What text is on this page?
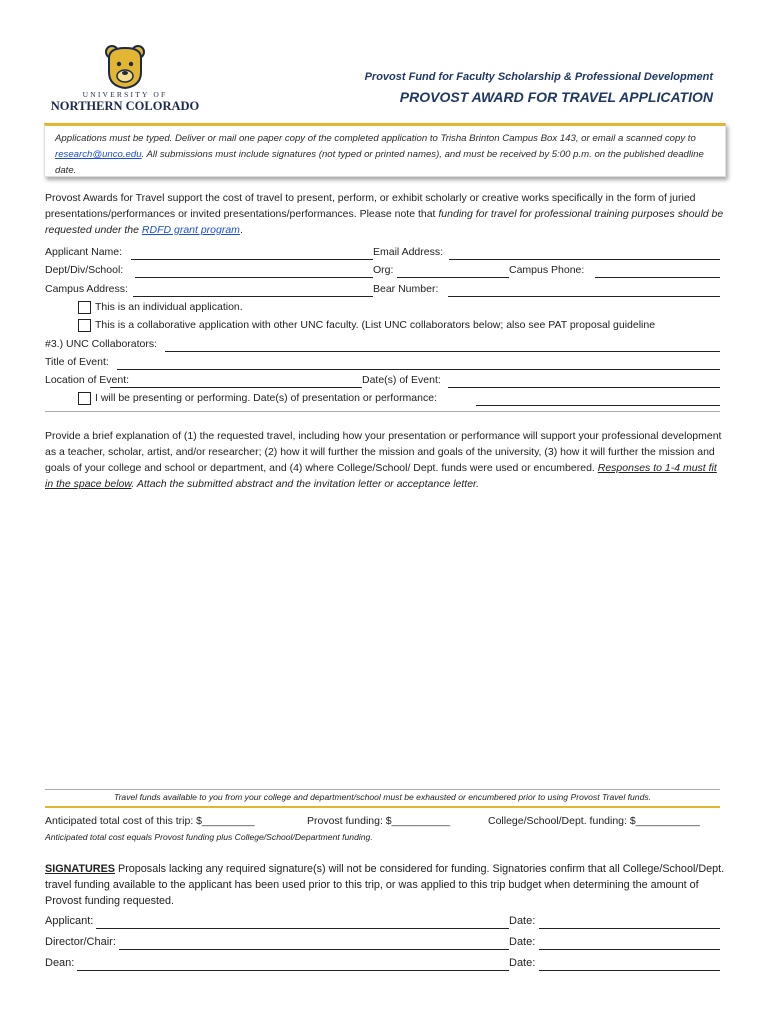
UNIVERSITY OF
NORTHERN COLORADO
Provost Fund for Faculty Scholarship & Professional Development
PROVOST AWARD FOR TRAVEL APPLICATION
Applications must be typed. Deliver or mail one paper copy of the completed application to Trisha Brinton Campus Box 143, or email a scanned copy to research@unco.edu. All submissions must include signatures (not typed or printed names), and must be received by 5:00 p.m. on the published deadline date.
Provost Awards for Travel support the cost of travel to present, perform, or exhibit scholarly or creative works specifically in the form of juried presentations/performances or invited presentations/performances. Please note that funding for travel for professional training purposes should be requested under the RDFD grant program.
Applicant Name:	Email Address:
Dept/Div/School:	Org:	Campus Phone:
Campus Address:	Bear Number:
This is an individual application.
This is a collaborative application with other UNC faculty. (List UNC collaborators below; also see PAT proposal guideline
#3.) UNC Collaborators:
Title of Event:
Location of Event:	Date(s) of Event:
I will be presenting or performing. Date(s) of presentation or performance:
Provide a brief explanation of (1) the requested travel, including how your presentation or performance will support your professional development as a teacher, scholar, artist, and/or researcher; (2) how it will further the mission and goals of the university, (3) how it will further the mission and goals of your college and school or department, and (4) where College/School/ Dept. funds were used or encumbered. Responses to 1-4 must fit in the space below. Attach the submitted abstract and the invitation letter or acceptance letter.
Travel funds available to you from your college and department/school must be exhausted or encumbered prior to using Provost Travel funds.
Anticipated total cost of this trip: $_________	Provost funding: $__________	College/School/Dept. funding: $___________
Anticipated total cost equals Provost funding plus College/School/Department funding.
SIGNATURES Proposals lacking any required signature(s) will not be considered for funding. Signatories confirm that all College/School/Dept. travel funding available to the applicant has been used prior to this trip, or was applied to this trip budget when determining the amount of Provost funding requested.
Applicant:	Date:
Director/Chair:	Date:
Dean:	Date:
